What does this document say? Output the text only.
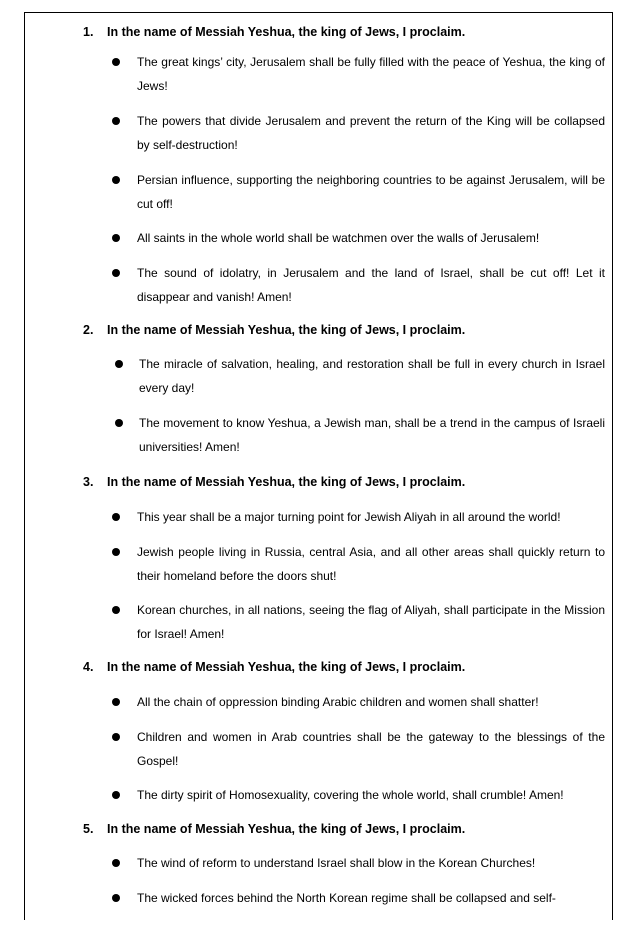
1. In the name of Messiah Yeshua, the king of Jews, I proclaim.
The great kings’ city, Jerusalem shall be fully filled with the peace of Yeshua, the king of Jews!
The powers that divide Jerusalem and prevent the return of the King will be collapsed by self-destruction!
Persian influence, supporting the neighboring countries to be against Jerusalem, will be cut off!
All saints in the whole world shall be watchmen over the walls of Jerusalem!
The sound of idolatry, in Jerusalem and the land of Israel, shall be cut off! Let it disappear and vanish! Amen!
2. In the name of Messiah Yeshua, the king of Jews, I proclaim.
The miracle of salvation, healing, and restoration shall be full in every church in Israel every day!
The movement to know Yeshua, a Jewish man, shall be a trend in the campus of Israeli universities! Amen!
3. In the name of Messiah Yeshua, the king of Jews, I proclaim.
This year shall be a major turning point for Jewish Aliyah in all around the world!
Jewish people living in Russia, central Asia, and all other areas shall quickly return to their homeland before the doors shut!
Korean churches, in all nations, seeing the flag of Aliyah, shall participate in the Mission for Israel! Amen!
4. In the name of Messiah Yeshua, the king of Jews, I proclaim.
All the chain of oppression binding Arabic children and women shall shatter!
Children and women in Arab countries shall be the gateway to the blessings of the Gospel!
The dirty spirit of Homosexuality, covering the whole world, shall crumble! Amen!
5. In the name of Messiah Yeshua, the king of Jews, I proclaim.
The wind of reform to understand Israel shall blow in the Korean Churches!
The wicked forces behind the North Korean regime shall be collapsed and self-
